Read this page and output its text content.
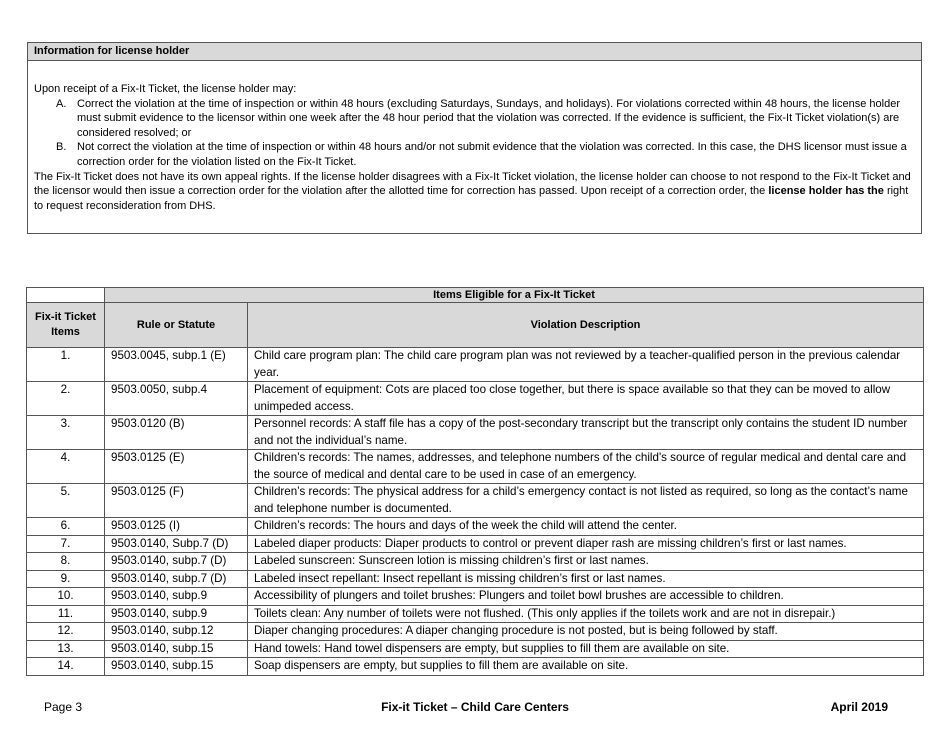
Information for license holder

Upon receipt of a Fix-It Ticket, the license holder may:

A. Correct the violation at the time of inspection or within 48 hours (excluding Saturdays, Sundays, and holidays). For violations corrected within 48 hours, the license holder must submit evidence to the licensor within one week after the 48 hour period that the violation was corrected. If the evidence is sufficient, the Fix-It Ticket violation(s) are considered resolved; or
B. Not correct the violation at the time of inspection or within 48 hours and/or not submit evidence that the violation was corrected. In this case, the DHS licensor must issue a correction order for the violation listed on the Fix-It Ticket.

The Fix-It Ticket does not have its own appeal rights. If the license holder disagrees with a Fix-It Ticket violation, the license holder can choose to not respond to the Fix-It Ticket and the licensor would then issue a correction order for the violation after the allotted time for correction has passed. Upon receipt of a correction order, the license holder has the right to request reconsideration from DHS.

	Items Eligible for a Fix-It Ticket	
Fix-it Ticket Items	Rule or Statute	Violation Description
1.	9503.0045, subp.1 (E)	Child care program plan: The child care program plan was not reviewed by a teacher-qualified person in the previous calendar year.
2.	9503.0050, subp.4	Placement of equipment: Cots are placed too close together, but there is space available so that they can be moved to allow unimpeded access.
3.	9503.0120 (B)	Personnel records: A staff file has a copy of the post-secondary transcript but the transcript only contains the student ID number and not the individual’s name.
4.	9503.0125 (E)	Children’s records: The names, addresses, and telephone numbers of the child's source of regular medical and dental care and the source of medical and dental care to be used in case of an emergency.
5.	9503.0125 (F)	Children’s records: The physical address for a child’s emergency contact is not listed as required, so long as the contact’s name and telephone number is documented.
6.	9503.0125 (I)	Children’s records: The hours and days of the week the child will attend the center.
7.	9503.0140, Subp.7 (D)	Labeled diaper products: Diaper products to control or prevent diaper rash are missing children’s first or last names.
8.	9503.0140, subp.7 (D)	Labeled sunscreen: Sunscreen lotion is missing children’s first or last names.
9.	9503.0140, subp.7 (D)	Labeled insect repellant: Insect repellant is missing children’s first or last names.
10.	9503.0140, subp.9	Accessibility of plungers and toilet brushes: Plungers and toilet bowl brushes are accessible to children.
11.	9503.0140, subp.9	Toilets clean: Any number of toilets were not flushed. (This only applies if the toilets work and are not in disrepair.)
12.	9503.0140, subp.12	Diaper changing procedures: A diaper changing procedure is not posted, but is being followed by staff.
13.	9503.0140, subp.15	Hand towels: Hand towel dispensers are empty, but supplies to fill them are available on site.
14.	9503.0140, subp.15	Soap dispensers are empty, but supplies to fill them are available on site.
Fix-it Ticket – Child Care Centers
Page 3	April 2019
